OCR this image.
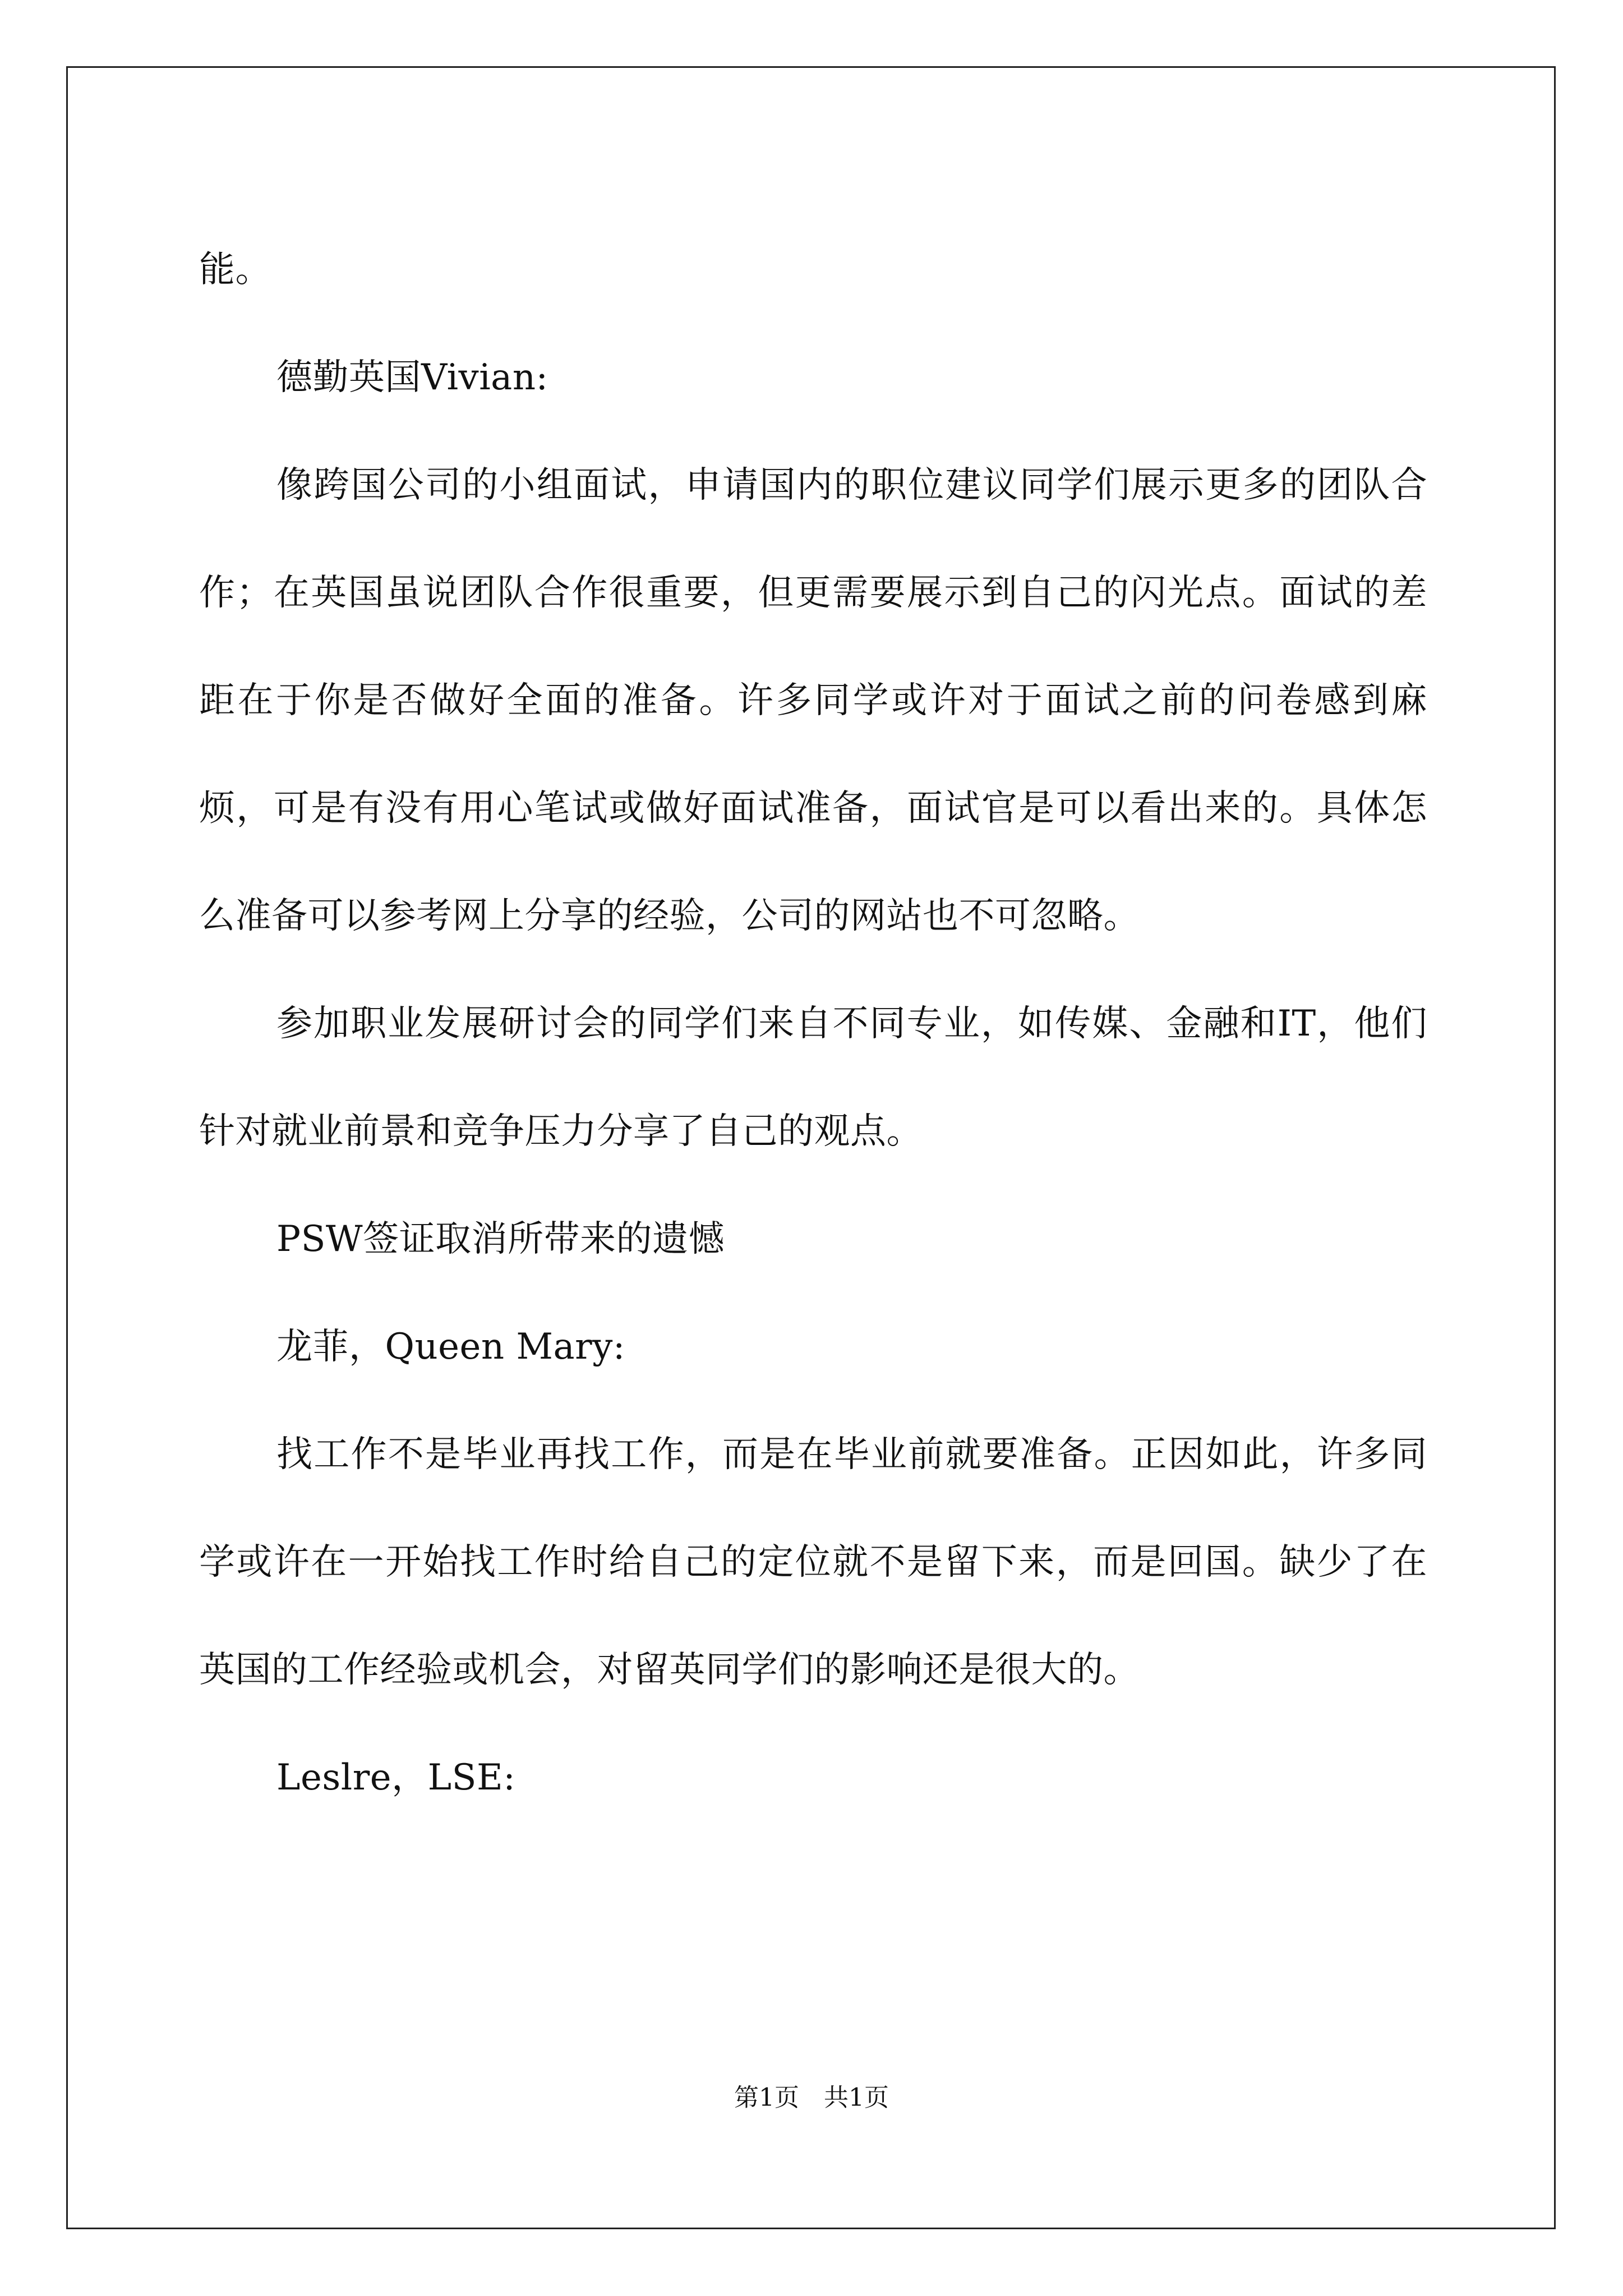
能。

德勤英国Vivian:

像跨国公司的小组面试，申请国内的职位建议同学们展示更多的团队合作；在英国虽说团队合作很重要，但更需要展示到自己的闪光点。面试的差距在于你是否做好全面的准备。许多同学或许对于面试之前的问卷感到麻烦，可是有没有用心笔试或做好面试准备，面试官是可以看出来的。具体怎么准备可以参考网上分享的经验，公司的网站也不可忽略。

参加职业发展研讨会的同学们来自不同专业，如传媒、金融和IT，他们针对就业前景和竞争压力分享了自己的观点。

PSW签证取消所带来的遗憾

龙菲，Queen Mary:

找工作不是毕业再找工作，而是在毕业前就要准备。正因如此，许多同学或许在一开始找工作时给自己的定位就不是留下来，而是回国。缺少了在英国的工作经验或机会，对留英同学们的影响还是很大的。

Leslre，LSE:

第1页　共1页
